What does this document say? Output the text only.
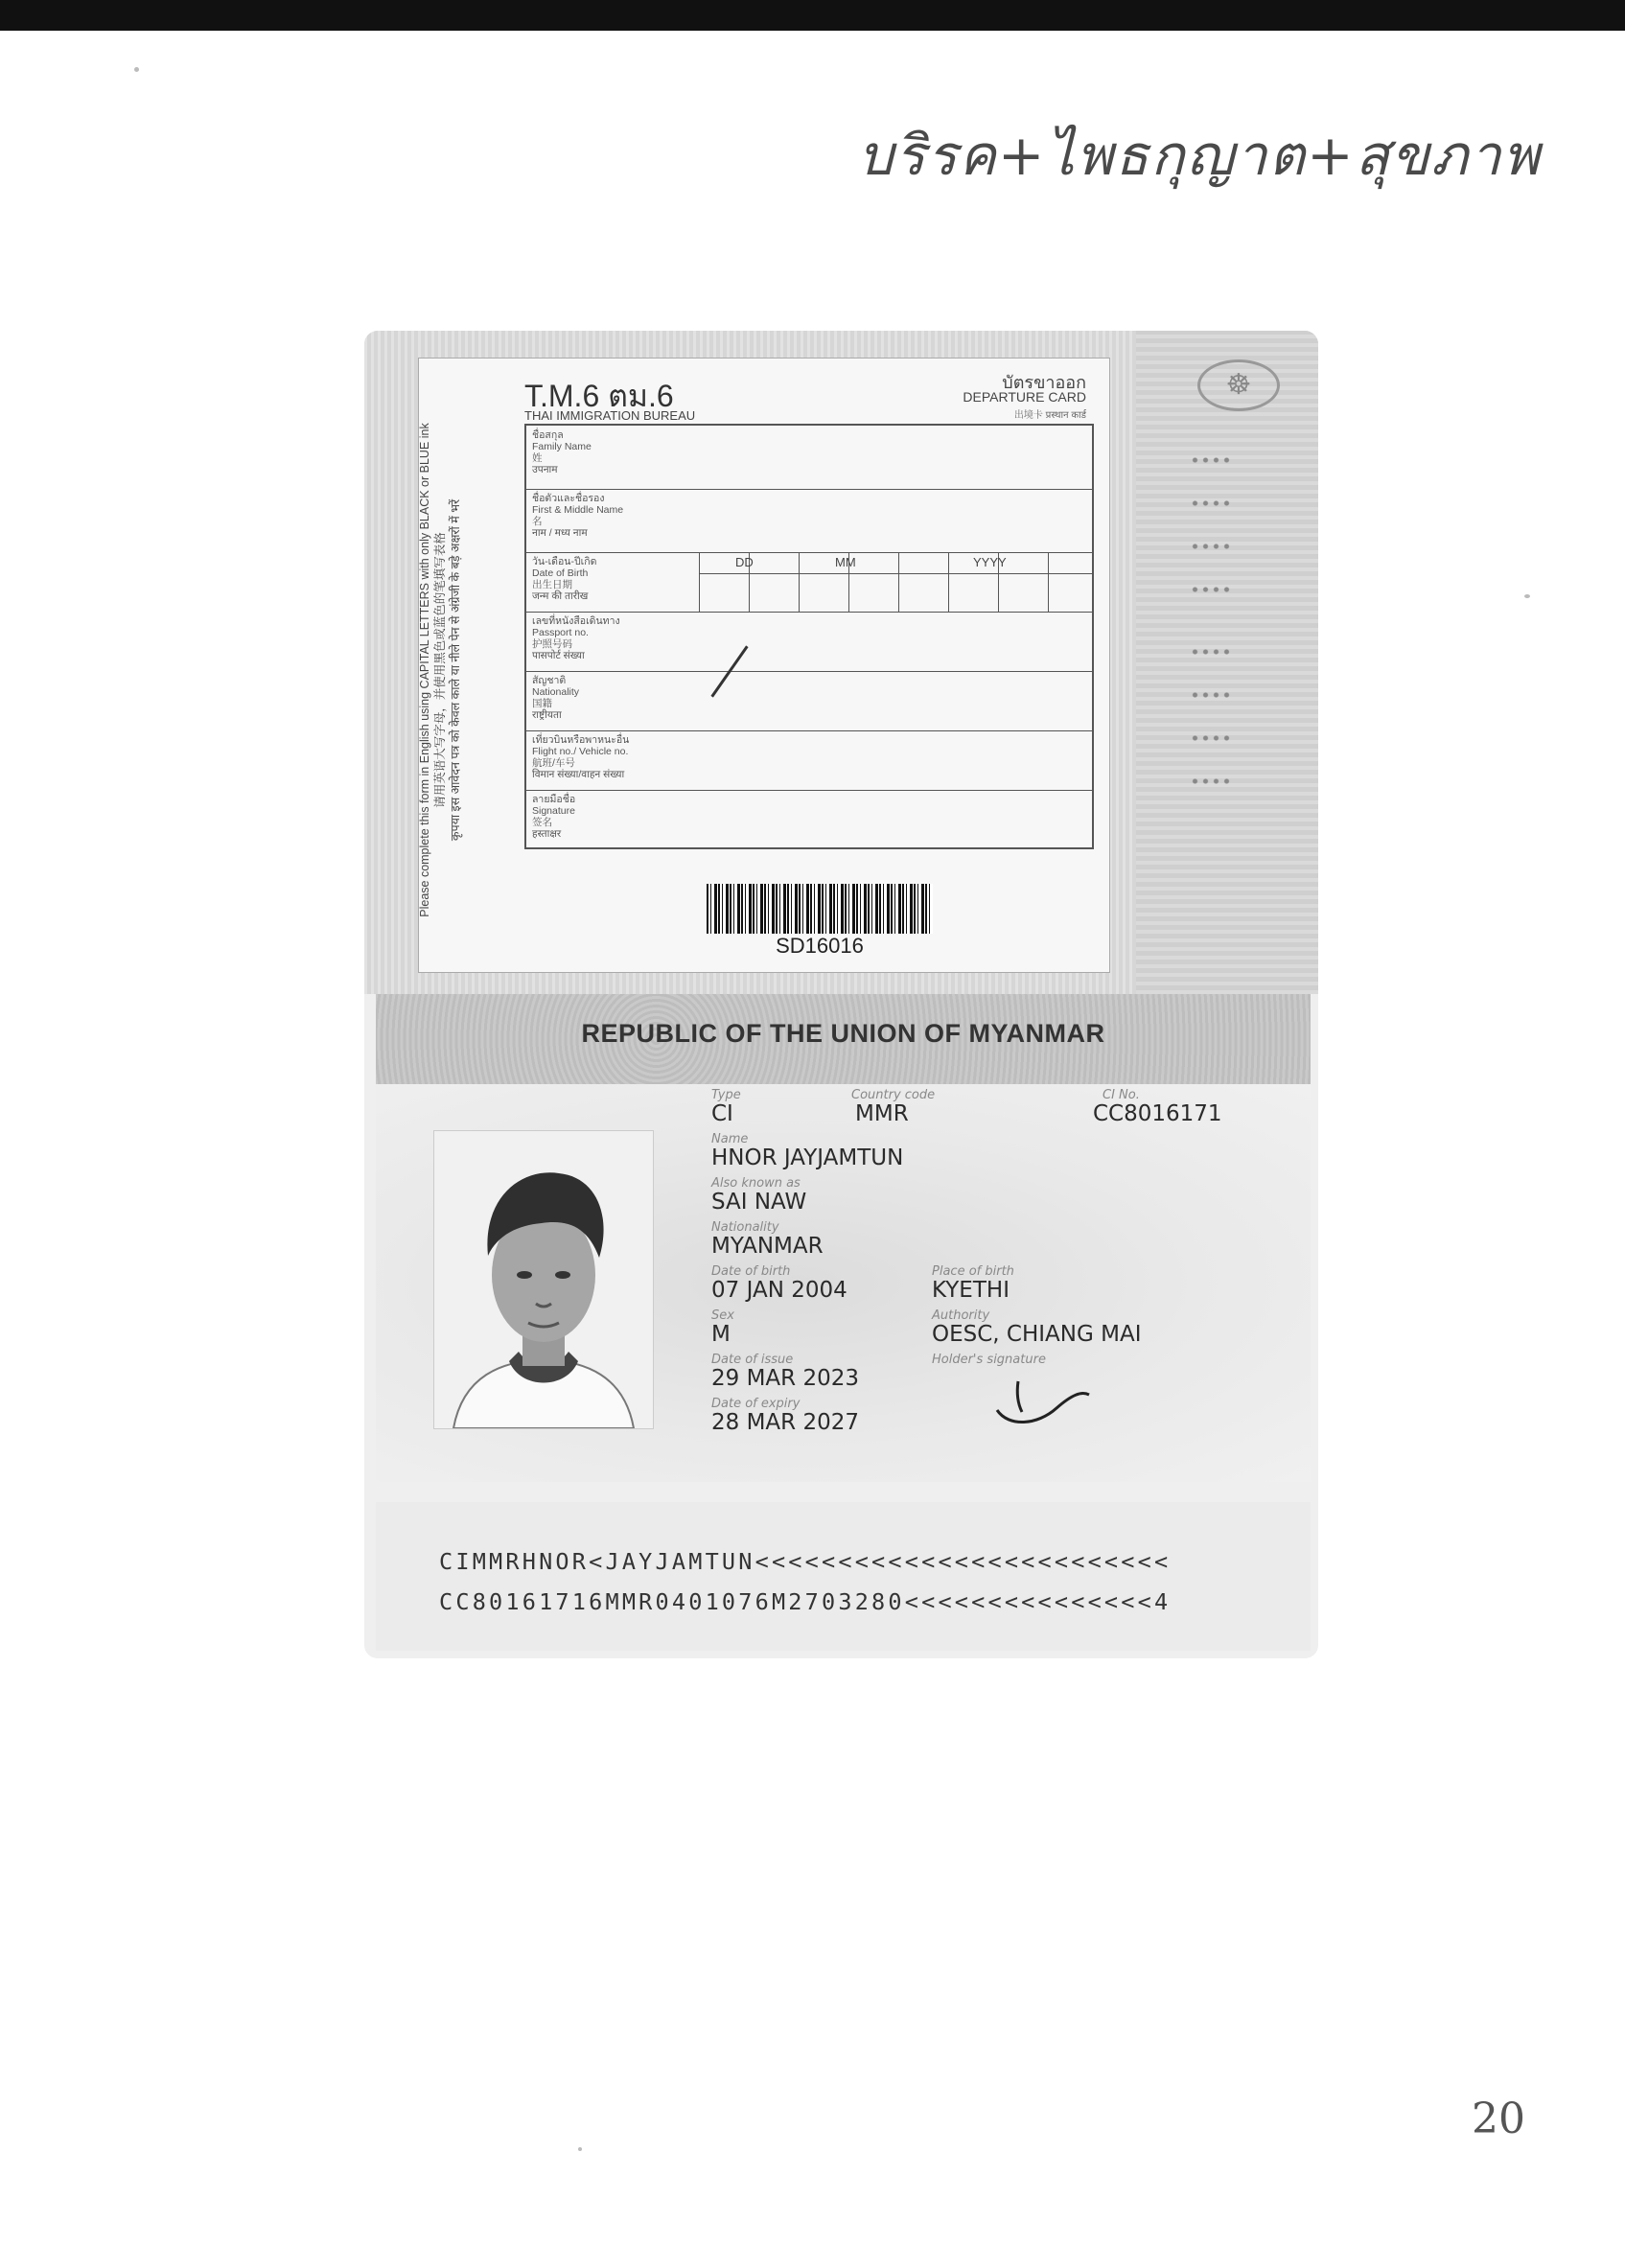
บริรค+ไพธกุญาต+สุขภาพ
☸
Please complete this form in English using CAPITAL LETTERS with only BLACK or BLUE ink 请用英语大写字母，并使用黑色或蓝色的笔填写表格 कृपया इस आवेदन पत्र को केवल काले या नीले पेन से अंग्रेजी के बड़े अक्षरों में भरें
T.M.6 ตม.6
THAI IMMIGRATION BUREAU
บัตรขาออก
DEPARTURE CARD
出境卡 प्रस्थान कार्ड
ชื่อสกุล
Family Name
姓
उपनाम
ชื่อตัวและชื่อรอง
First & Middle Name
名
नाम / मध्य नाम
วัน-เดือน-ปีเกิด
Date of Birth
出生日期
जन्म की तारीख
DD	MM	YYYY
เลขที่หนังสือเดินทาง
Passport no.
护照号码
पासपोर्ट संख्या
สัญชาติ
Nationality
国籍
राष्ट्रीयता
เที่ยวบินหรือพาหนะอื่น
Flight no./ Vehicle no.
航班/车号
विमान संख्या/वाहन संख्या
ลายมือชื่อ
Signature
签名
हस्ताक्षर
SD16016
REPUBLIC OF THE UNION OF MYANMAR
Type
CI
Country code
MMR
CI No.
CC8016171
Name
HNOR JAYJAMTUN
Also known as
SAI NAW
Nationality
MYANMAR
Date of birth
07 JAN 2004
Place of birth
KYETHI
Sex
M
Authority
OESC, CHIANG MAI
Date of issue
29 MAR 2023
Holder's signature
Date of expiry
28 MAR 2027
CIMMRHNOR<JAYJAMTUN<<<<<<<<<<<<<<<<<<<<<<<<<
CC80161716MMR0401076M2703280<<<<<<<<<<<<<<<4
20
